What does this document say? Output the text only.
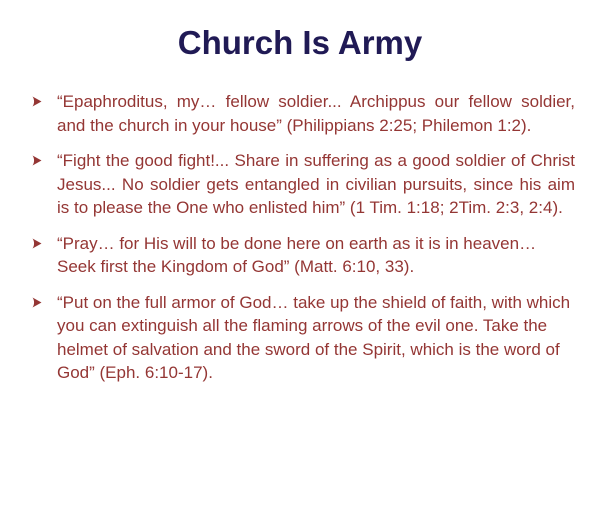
Church Is Army
“Epaphroditus, my… fellow soldier... Archippus our fellow soldier, and the church in your house” (Philippians 2:25; Philemon 1:2).
“Fight the good fight!... Share in suffering as a good soldier of Christ Jesus... No soldier gets entangled in civilian pursuits, since his aim is to please the One who enlisted him” (1 Tim. 1:18; 2Tim. 2:3, 2:4).
“Pray… for His will to be done here on earth as it is in heaven… Seek first the Kingdom of God” (Matt. 6:10, 33).
“Put on the full armor of God… take up the shield of faith, with which you can extinguish all the flaming arrows of the evil one. Take the helmet of salvation and the sword of the Spirit, which is the word of God” (Eph. 6:10-17).
